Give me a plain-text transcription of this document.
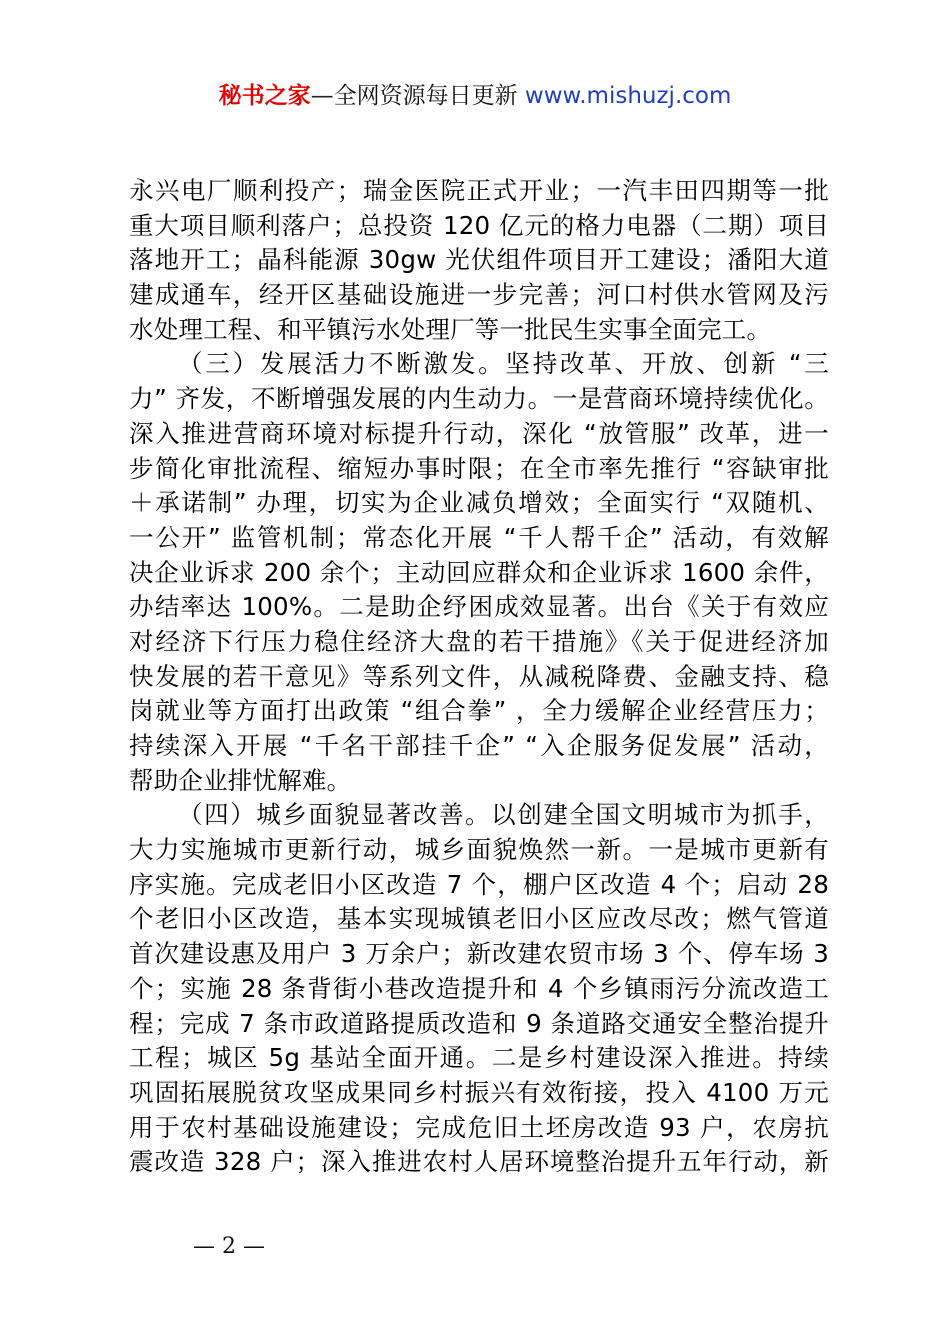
秘书之家—全网资源每日更新 www.mishuzj.com
永兴电厂顺利投产；瑞金医院正式开业；一汽丰田四期等一批
重大项目顺利落户；总投资 120 亿元的格力电器（二期）项目
落地开工；晶科能源 30gw 光伏组件项目开工建设；潘阳大道
建成通车，经开区基础设施进一步完善；河口村供水管网及污
水处理工程、和平镇污水处理厂等一批民生实事全面完工。
（三）发展活力不断激发。坚持改革、开放、创新 “三
力” 齐发，不断增强发展的内生动力。一是营商环境持续优化。
深入推进营商环境对标提升行动，深化 “放管服” 改革，进一
步简化审批流程、缩短办事时限；在全市率先推行 “容缺审批
＋承诺制” 办理，切实为企业减负增效；全面实行 “双随机、
一公开” 监管机制；常态化开展 “千人帮千企” 活动，有效解
决企业诉求 200 余个；主动回应群众和企业诉求 1600 余件，
办结率达 100%。二是助企纾困成效显著。出台《关于有效应
对经济下行压力稳住经济大盘的若干措施》《关于促进经济加
快发展的若干意见》等系列文件，从减税降费、金融支持、稳
岗就业等方面打出政策 “组合拳” ，全力缓解企业经营压力；
持续深入开展 “千名干部挂千企” “入企服务促发展” 活动，
帮助企业排忧解难。
（四）城乡面貌显著改善。以创建全国文明城市为抓手，
大力实施城市更新行动，城乡面貌焕然一新。一是城市更新有
序实施。完成老旧小区改造 7 个，棚户区改造 4 个；启动 28
个老旧小区改造，基本实现城镇老旧小区应改尽改；燃气管道
首次建设惠及用户 3 万余户；新改建农贸市场 3 个、停车场 3
个；实施 28 条背街小巷改造提升和 4 个乡镇雨污分流改造工
程；完成 7 条市政道路提质改造和 9 条道路交通安全整治提升
工程；城区 5g 基站全面开通。二是乡村建设深入推进。持续
巩固拓展脱贫攻坚成果同乡村振兴有效衔接，投入 4100 万元
用于农村基础设施建设；完成危旧土坯房改造 93 户，农房抗
震改造 328 户；深入推进农村人居环境整治提升五年行动，新
— 2 —
